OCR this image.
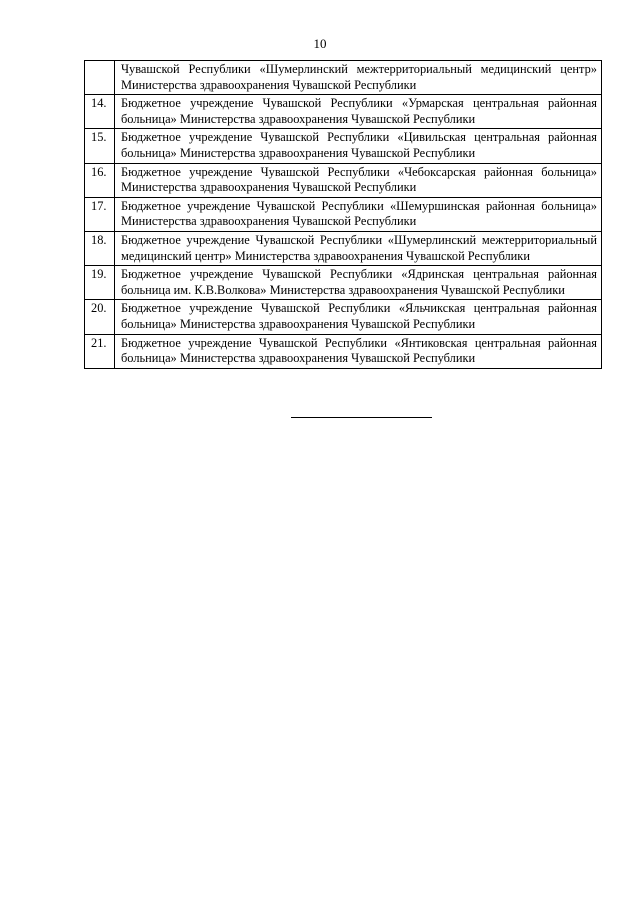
10
	Чувашской Республики «Шумерлинский межтерриториальный медицинский центр» Министерства здравоохранения Чувашской Республики
14.	Бюджетное учреждение Чувашской Республики «Урмарская центральная районная больница» Министерства здравоохранения Чувашской Республики
15.	Бюджетное учреждение Чувашской Республики «Цивильская центральная районная больница» Министерства здравоохранения Чувашской Республики
16.	Бюджетное учреждение Чувашской Республики «Чебоксарская районная больница» Министерства здравоохранения Чувашской Республики
17.	Бюджетное учреждение Чувашской Республики «Шемуршинская районная больница» Министерства здравоохранения Чувашской Республики
18.	Бюджетное учреждение Чувашской Республики «Шумерлинский межтерриториальный медицинский центр» Министерства здравоохранения Чувашской Республики
19.	Бюджетное учреждение Чувашской Республики «Ядринская центральная районная больница им. К.В.Волкова» Министерства здравоохранения Чувашской Республики
20.	Бюджетное учреждение Чувашской Республики «Яльчикская центральная районная больница» Министерства здравоохранения Чувашской Республики
21.	Бюджетное учреждение Чувашской Республики «Янтиковская центральная районная больница» Министерства здравоохранения Чувашской Республики
